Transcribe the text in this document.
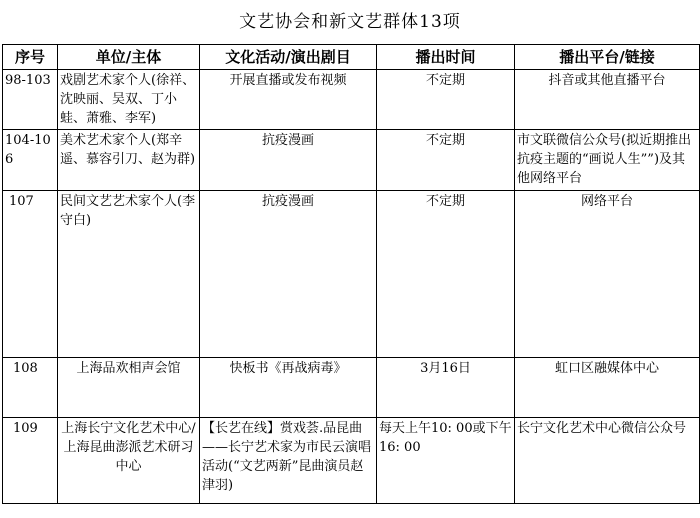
文艺协会和新文艺群体13项
序号	单位/主体	文化活动/演出剧目	播出时间	播出平台/链接
98-103	戏剧艺术家个人(徐祥、沈映丽、吴双、丁小蛙、萧雅、李军)	开展直播或发布视频	不定期	抖音或其他直播平台
104-106	美术艺术家个人(郑辛遥、慕容引刀、赵为群)	抗疫漫画	不定期	市文联微信公众号(拟近期推出抗疫主题的“画说人生””)及其他网络平台
107	民间文艺艺术家个人(李守白)	抗疫漫画	不定期	网络平台
108	上海品欢相声会馆	快板书《再战病毒》	3月16日	虹口区融媒体中心
109	上海长宁文化艺术中心/上海昆曲澎派艺术研习中心	【长艺在线】赏戏荟.品昆曲——长宁艺术家为市民云演唱活动(“文艺两新”昆曲演员赵津羽)	每天上午10: 00或下午16: 00	长宁文化艺术中心微信公众号
